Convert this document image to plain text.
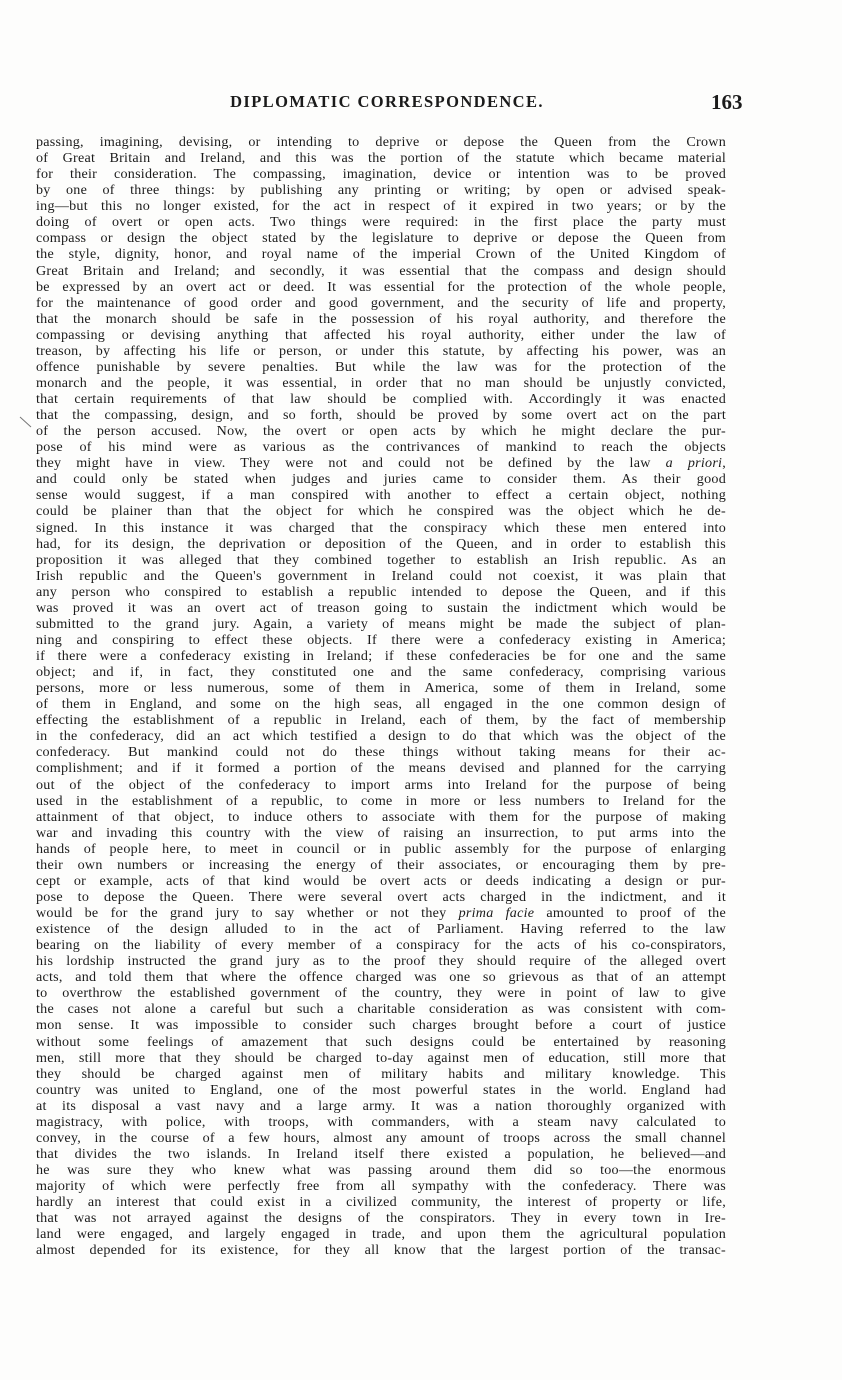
DIPLOMATIC CORRESPONDENCE.	163
passing, imagining, devising, or intending to deprive or depose the Queen from the Crown
of Great Britain and Ireland, and this was the portion of the statute which became material
for their consideration. The compassing, imagination, device or intention was to be proved
by one of three things: by publishing any printing or writing; by open or advised speak-
ing—but this no longer existed, for the act in respect of it expired in two years; or by the
doing of overt or open acts. Two things were required: in the first place the party must
compass or design the object stated by the legislature to deprive or depose the Queen from
the style, dignity, honor, and royal name of the imperial Crown of the United Kingdom of
Great Britain and Ireland; and secondly, it was essential that the compass and design should
be expressed by an overt act or deed. It was essential for the protection of the whole people,
for the maintenance of good order and good government, and the security of life and property,
that the monarch should be safe in the possession of his royal authority, and therefore the
compassing or devising anything that affected his royal authority, either under the law of
treason, by affecting his life or person, or under this statute, by affecting his power, was an
offence punishable by severe penalties. But while the law was for the protection of the
monarch and the people, it was essential, in order that no man should be unjustly convicted,
that certain requirements of that law should be complied with. Accordingly it was enacted
that the compassing, design, and so forth, should be proved by some overt act on the part
of the person accused. Now, the overt or open acts by which he might declare the pur-
pose of his mind were as various as the contrivances of mankind to reach the objects
they might have in view. They were not and could not be defined by the law a priori,
and could only be stated when judges and juries came to consider them. As their good
sense would suggest, if a man conspired with another to effect a certain object, nothing
could be plainer than that the object for which he conspired was the object which he de-
signed. In this instance it was charged that the conspiracy which these men entered into
had, for its design, the deprivation or deposition of the Queen, and in order to establish this
proposition it was alleged that they combined together to establish an Irish republic. As an
Irish republic and the Queen's government in Ireland could not coexist, it was plain that
any person who conspired to establish a republic intended to depose the Queen, and if this
was proved it was an overt act of treason going to sustain the indictment which would be
submitted to the grand jury. Again, a variety of means might be made the subject of plan-
ning and conspiring to effect these objects. If there were a confederacy existing in America;
if there were a confederacy existing in Ireland; if these confederacies be for one and the same
object; and if, in fact, they constituted one and the same confederacy, comprising various
persons, more or less numerous, some of them in America, some of them in Ireland, some
of them in England, and some on the high seas, all engaged in the one common design of
effecting the establishment of a republic in Ireland, each of them, by the fact of membership
in the confederacy, did an act which testified a design to do that which was the object of the
confederacy. But mankind could not do these things without taking means for their ac-
complishment; and if it formed a portion of the means devised and planned for the carrying
out of the object of the confederacy to import arms into Ireland for the purpose of being
used in the establishment of a republic, to come in more or less numbers to Ireland for the
attainment of that object, to induce others to associate with them for the purpose of making
war and invading this country with the view of raising an insurrection, to put arms into the
hands of people here, to meet in council or in public assembly for the purpose of enlarging
their own numbers or increasing the energy of their associates, or encouraging them by pre-
cept or example, acts of that kind would be overt acts or deeds indicating a design or pur-
pose to depose the Queen. There were several overt acts charged in the indictment, and it
would be for the grand jury to say whether or not they prima facie amounted to proof of the
existence of the design alluded to in the act of Parliament. Having referred to the law
bearing on the liability of every member of a conspiracy for the acts of his co-conspirators,
his lordship instructed the grand jury as to the proof they should require of the alleged overt
acts, and told them that where the offence charged was one so grievous as that of an attempt
to overthrow the established government of the country, they were in point of law to give
the cases not alone a careful but such a charitable consideration as was consistent with com-
mon sense. It was impossible to consider such charges brought before a court of justice
without some feelings of amazement that such designs could be entertained by reasoning
men, still more that they should be charged to-day against men of education, still more that
they should be charged against men of military habits and military knowledge. This
country was united to England, one of the most powerful states in the world. England had
at its disposal a vast navy and a large army. It was a nation thoroughly organized with
magistracy, with police, with troops, with commanders, with a steam navy calculated to
convey, in the course of a few hours, almost any amount of troops across the small channel
that divides the two islands. In Ireland itself there existed a population, he believed—and
he was sure they who knew what was passing around them did so too—the enormous
majority of which were perfectly free from all sympathy with the confederacy. There was
hardly an interest that could exist in a civilized community, the interest of property or life,
that was not arrayed against the designs of the conspirators. They in every town in Ire-
land were engaged, and largely engaged in trade, and upon them the agricultural population
almost depended for its existence, for they all know that the largest portion of the transac-
